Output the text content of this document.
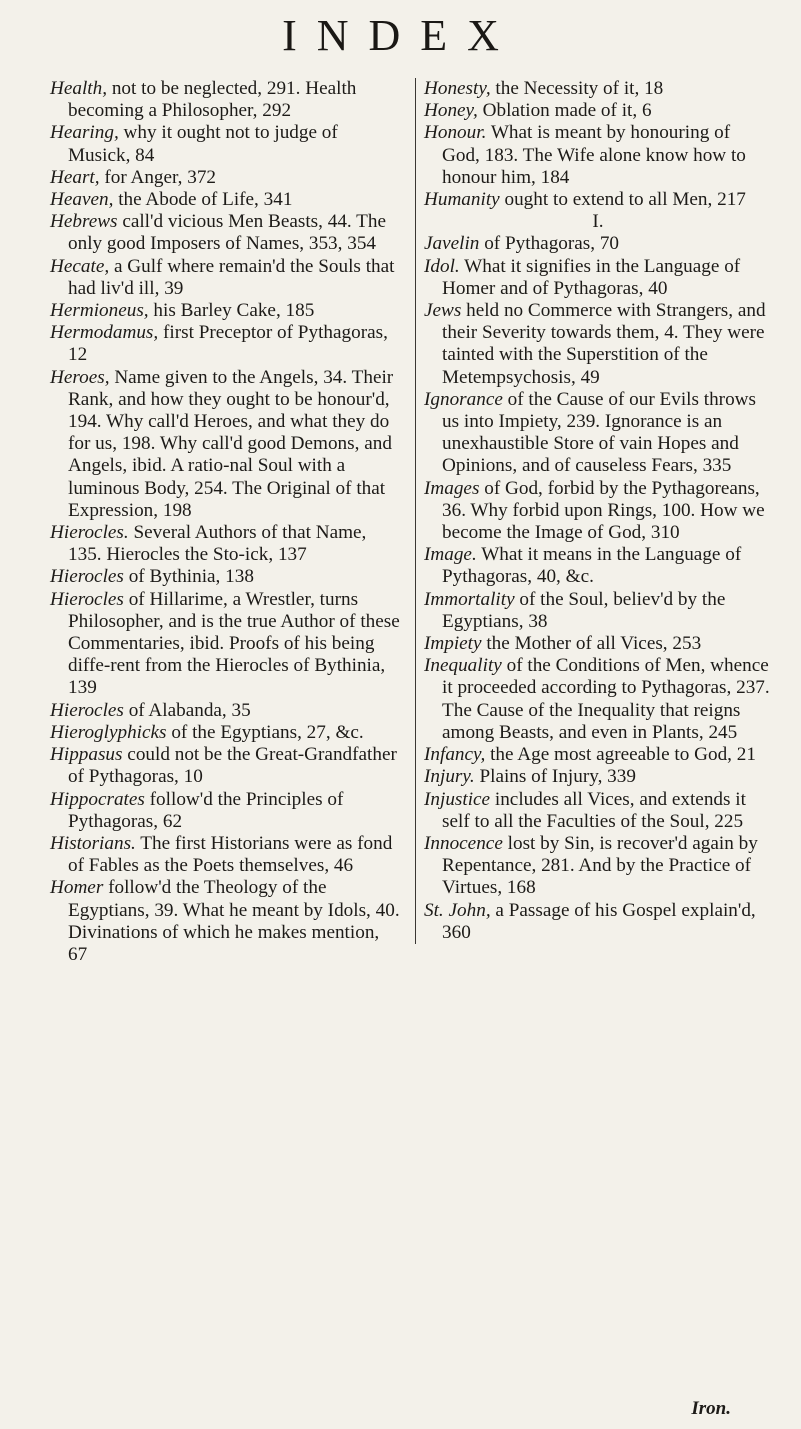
INDEX

Health, not to be neglected, 291. Health becoming a Philosopher, 292

Hearing, why it ought not to judge of Musick, 84

Heart, for Anger, 372

Heaven, the Abode of Life, 341

Hebrews call'd vicious Men Beasts, 44. The only good Imposers of Names, 353, 354

Hecate, a Gulf where remain'd the Souls that had liv'd ill, 39

Hermioneus, his Barley Cake, 185

Hermodamus, first Preceptor of Pythagoras, 12

Heroes, Name given to the Angels, 34. Their Rank, and how they ought to be honour'd, 194. Why call'd Heroes, and what they do for us, 198. Why call'd good Demons, and Angels, ibid. A ratio-nal Soul with a luminous Body, 254. The Original of that Expression, 198

Hierocles. Several Authors of that Name, 135. Hierocles the Sto-ick, 137

Hierocles of Bythinia, 138

Hierocles of Hillarime, a Wrestler, turns Philosopher, and is the true Author of these Commentaries, ibid. Proofs of his being diffe-rent from the Hierocles of Bythinia, 139

Hierocles of Alabanda, 35

Hieroglyphicks of the Egyptians, 27, &c.

Hippasus could not be the Great-Grandfather of Pythagoras, 10

Hippocrates follow'd the Principles of Pythagoras, 62

Historians. The first Historians were as fond of Fables as the Poets themselves, 46

Homer follow'd the Theology of the Egyptians, 39. What he meant by Idols, 40. Divinations of which he makes mention, 67

Honesty, the Necessity of it, 18

Honey, Oblation made of it, 6

Honour. What is meant by honouring of God, 183. The Wife alone know how to honour him, 184

Humanity ought to extend to all Men, 217

I.

Javelin of Pythagoras, 70

Idol. What it signifies in the Language of Homer and of Pythagoras, 40

Jews held no Commerce with Strangers, and their Severity towards them, 4. They were tainted with the Superstition of the Metempsychosis, 49

Ignorance of the Cause of our Evils throws us into Impiety, 239. Ignorance is an unexhaustible Store of vain Hopes and Opinions, and of causeless Fears, 335

Images of God, forbid by the Pythagoreans, 36. Why forbid upon Rings, 100. How we become the Image of God, 310

Image. What it means in the Language of Pythagoras, 40, &c.

Immortality of the Soul, believ'd by the Egyptians, 38

Impiety the Mother of all Vices, 253

Inequality of the Conditions of Men, whence it proceeded according to Pythagoras, 237. The Cause of the Inequality that reigns among Beasts, and even in Plants, 245

Infancy, the Age most agreeable to God, 21

Injury. Plains of Injury, 339

Injustice includes all Vices, and extends it self to all the Faculties of the Soul, 225

Innocence lost by Sin, is recover'd again by Repentance, 281. And by the Practice of Virtues, 168

St. John, a Passage of his Gospel explain'd, 360

Iron.
